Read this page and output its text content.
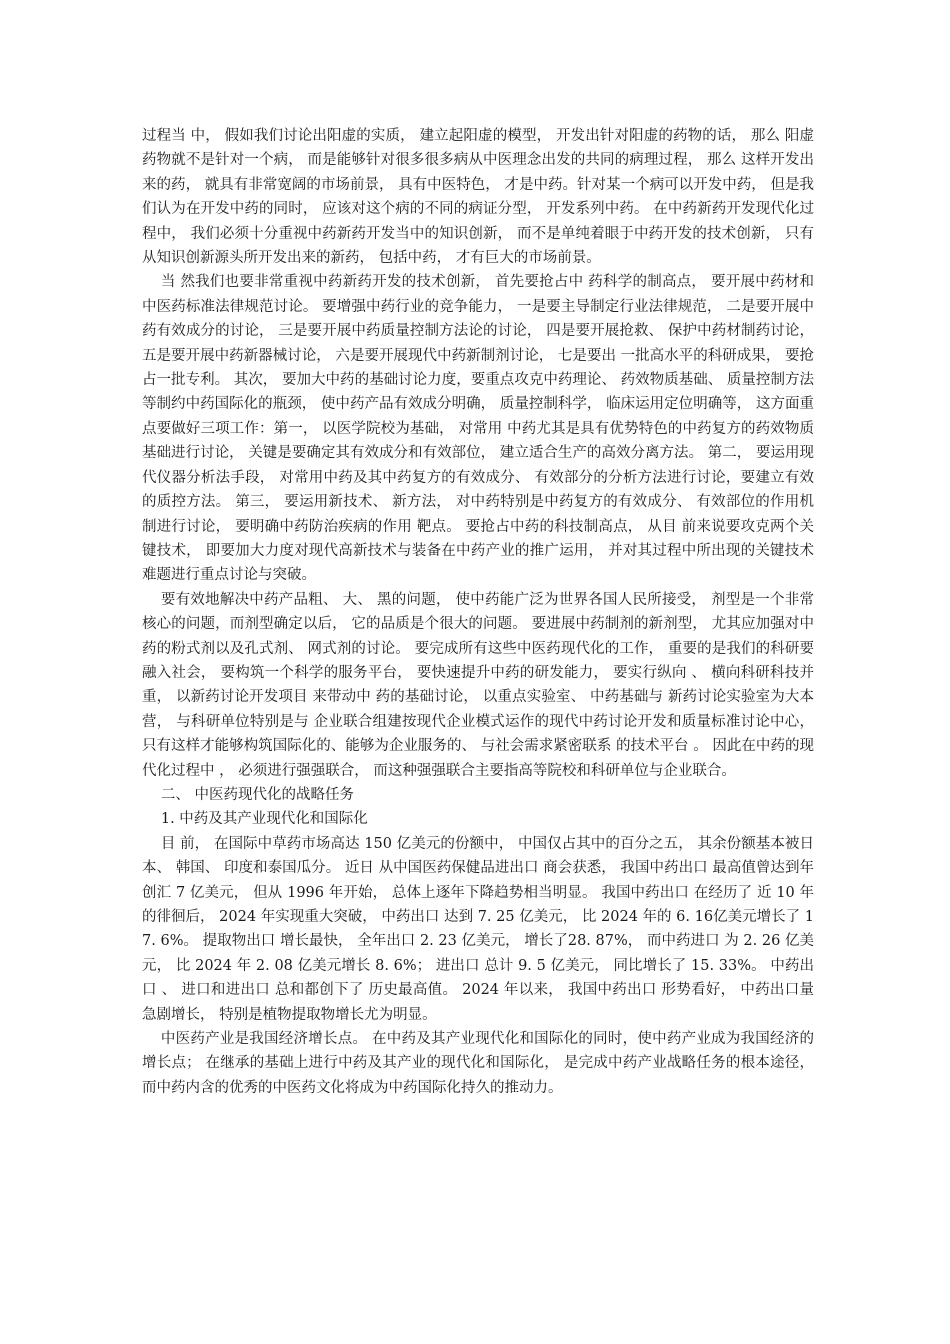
过程当 中， 假如我们讨论出阳虚的实质， 建立起阳虚的模型， 开发出针对阳虚的药物的话， 那么 阳虚药物就不是针对一个病， 而是能够针对很多很多病从中医理念出发的共同的病理过程， 那么 这样开发出 来的药， 就具有非常宽阔的市场前景， 具有中医特色， 才是中药。针对某一个病可以开发中药， 但是我们认为在开发中药的同时， 应该对这个病的不同的病证分型， 开发系列中药。 在中药新药开发现代化过程中， 我们必须十分重视中药新药开发当中的知识创新， 而不是单纯着眼于中药开发的技术创新， 只有从知识创新源头所开发出来的新药， 包括中药， 才有巨大的市场前景。

当 然我们也要非常重视中药新药开发的技术创新， 首先要抢占中 药科学的制高点， 要开展中药材和中医药标准法律规范讨论。 要增强中药行业的竞争能力， 一是要主导制定行业法律规范， 二是要开展中药有效成分的讨论， 三是要开展中药质量控制方法论的讨论， 四是要开展抢救、 保护中药材制药讨论， 五是要开展中药新器械讨论， 六是要开展现代中药新制剂讨论， 七是要出 一批高水平的科研成果， 要抢占一批专利。 其次， 要加大中药的基础讨论力度，要重点攻克中药理论、 药效物质基础、 质量控制方法等制约中药国际化的瓶颈， 使中药产品有效成分明确， 质量控制科学， 临床运用定位明确等， 这方面重点要做好三项工作：第一， 以医学院校为基础， 对常用 中药尤其是具有优势特色的中药复方的药效物质基础进行讨论， 关键是要确定其有效成分和有效部位， 建立适合生产的高效分离方法。 第二， 要运用现代仪器分析法手段， 对常用中药及其中药复方的有效成分、 有效部分的分析方法进行讨论，要建立有效的质控方法。 第三， 要运用新技术、 新方法， 对中药特别是中药复方的有效成分、 有效部位的作用机制进行讨论， 要明确中药防治疾病的作用 靶点。 要抢占中药的科技制高点， 从目 前来说要攻克两个关键技术， 即要加大力度对现代高新技术与装备在中药产业的推广运用， 并对其过程中所出现的关键技术难题进行重点讨论与突破。

要有效地解决中药产品粗、 大、 黑的问题， 使中药能广泛为世界各国人民所接受， 剂型是一个非常核心的问题，而剂型确定以后， 它的品质是个很大的问题。 要进展中药制剂的新剂型， 尤其应加强对中药的粉式剂以及孔式剂、 网式剂的讨论。 要完成所有这些中医药现代化的工作， 重要的是我们的科研要融入社会， 要构筑一个科学的服务平台， 要快速提升中药的研发能力， 要实行纵向 、 横向科研科技并重， 以新药讨论开发项目 来带动中 药的基础讨论， 以重点实验室、 中药基础与 新药讨论实验室为大本营， 与科研单位特别是与 企业联合组建按现代企业模式运作的现代中药讨论开发和质量标准讨论中心， 只有这样才能够构筑国际化的、能够为企业服务的、 与社会需求紧密联系 的技术平台 。 因此在中药的现代化过程中 ， 必须进行强强联合， 而这种强强联合主要指高等院校和科研单位与企业联合。

二、 中医药现代化的战略任务

1. 中药及其产业现代化和国际化

目 前， 在国际中草药市场高达 150 亿美元的份额中， 中国仅占其中的百分之五， 其余份额基本被日 本、 韩国、 印度和泰国瓜分。 近日 从中国医药保健品进出口 商会获悉， 我国中药出口 最高值曾达到年创汇 7 亿美元， 但从 1996 年开始， 总体上逐年下降趋势相当明显。 我国中药出口 在经历了 近 10 年的徘徊后， 2024 年实现重大突破， 中药出口 达到 7. 25 亿美元， 比 2024 年的 6. 16亿美元增长了 17. 6%。 提取物出口 增长最快， 全年出口 2. 23 亿美元， 增长了28. 87%， 而中药进口 为 2. 26 亿美元， 比 2024 年 2. 08 亿美元增长 8. 6%； 进出口 总计 9. 5 亿美元， 同比增长了 15. 33%。 中药出口 、 进口和进出口 总和都创下了 历史最高值。 2024 年以来， 我国中药出口 形势看好， 中药出口量急剧增长， 特别是植物提取物增长尤为明显。

中医药产业是我国经济增长点。 在中药及其产业现代化和国际化的同时，使中药产业成为我国经济的增长点； 在继承的基础上进行中药及其产业的现代化和国际化， 是完成中药产业战略任务的根本途径， 而中药内含的优秀的中医药文化将成为中药国际化持久的推动力。
